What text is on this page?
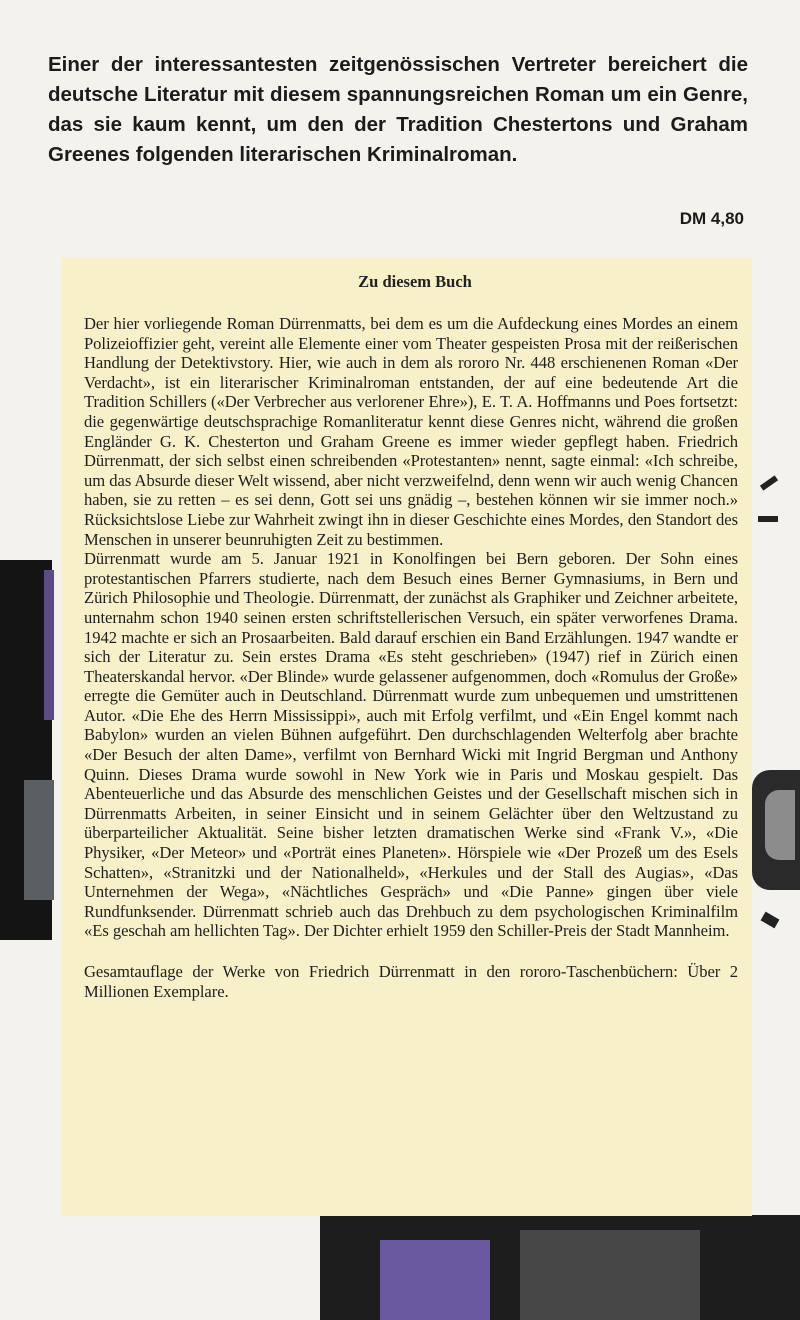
Einer der interessantesten zeitgenössischen Vertreter bereichert die deutsche Literatur mit diesem spannungsreichen Roman um ein Genre, das sie kaum kennt, um den der Tradition Chestertons und Graham Greenes folgenden literarischen Kriminalroman.

DM 4,80

Zu diesem Buch

Der hier vorliegende Roman Dürrenmatts, bei dem es um die Aufdeckung eines Mordes an einem Polizeioffizier geht, vereint alle Elemente einer vom Theater gespeisten Prosa mit der reißerischen Handlung der Detektivstory. Hier, wie auch in dem als rororo Nr. 448 erschienenen Roman «Der Verdacht», ist ein literarischer Kriminalroman entstanden, der auf eine bedeutende Art die Tradition Schillers («Der Verbrecher aus verlorener Ehre»), E. T. A. Hoffmanns und Poes fortsetzt: die gegenwärtige deutschsprachige Romanliteratur kennt diese Genres nicht, während die großen Engländer G. K. Chesterton und Graham Greene es immer wieder gepflegt haben. Friedrich Dürrenmatt, der sich selbst einen schreibenden «Protestanten» nennt, sagte einmal: «Ich schreibe, um das Absurde dieser Welt wissend, aber nicht verzweifelnd, denn wenn wir auch wenig Chancen haben, sie zu retten – es sei denn, Gott sei uns gnädig –, bestehen können wir sie immer noch.» Rücksichtslose Liebe zur Wahrheit zwingt ihn in dieser Geschichte eines Mordes, den Standort des Menschen in unserer beunruhigten Zeit zu bestimmen.

Dürrenmatt wurde am 5. Januar 1921 in Konolfingen bei Bern geboren. Der Sohn eines protestantischen Pfarrers studierte, nach dem Besuch eines Berner Gymnasiums, in Bern und Zürich Philosophie und Theologie. Dürrenmatt, der zunächst als Graphiker und Zeichner arbeitete, unternahm schon 1940 seinen ersten schriftstellerischen Versuch, ein später verworfenes Drama. 1942 machte er sich an Prosaarbeiten. Bald darauf erschien ein Band Erzählungen. 1947 wandte er sich der Literatur zu. Sein erstes Drama «Es steht geschrieben» (1947) rief in Zürich einen Theaterskandal hervor. «Der Blinde» wurde gelassener aufgenommen, doch «Romulus der Große» erregte die Gemüter auch in Deutschland. Dürrenmatt wurde zum unbequemen und umstrittenen Autor. «Die Ehe des Herrn Mississippi», auch mit Erfolg verfilmt, und «Ein Engel kommt nach Babylon» wurden an vielen Bühnen aufgeführt. Den durchschlagenden Welterfolg aber brachte «Der Besuch der alten Dame», verfilmt von Bernhard Wicki mit Ingrid Bergman und Anthony Quinn. Dieses Drama wurde sowohl in New York wie in Paris und Moskau gespielt. Das Abenteuerliche und das Absurde des menschlichen Geistes und der Gesellschaft mischen sich in Dürrenmatts Arbeiten, in seiner Einsicht und in seinem Gelächter über den Weltzustand zu überparteilicher Aktualität. Seine bisher letzten dramatischen Werke sind «Frank V.», «Die Physiker, «Der Meteor» und «Porträt eines Planeten». Hörspiele wie «Der Prozeß um des Esels Schatten», «Stranitzki und der Nationalheld», «Herkules und der Stall des Augias», «Das Unternehmen der Wega», «Nächtliches Gespräch» und «Die Panne» gingen über viele Rundfunksender. Dürrenmatt schrieb auch das Drehbuch zu dem psychologischen Kriminalfilm «Es geschah am hellichten Tag». Der Dichter erhielt 1959 den Schiller-Preis der Stadt Mannheim.

Gesamtauflage der Werke von Friedrich Dürrenmatt in den rororo-Taschenbüchern: Über 2 Millionen Exemplare.
